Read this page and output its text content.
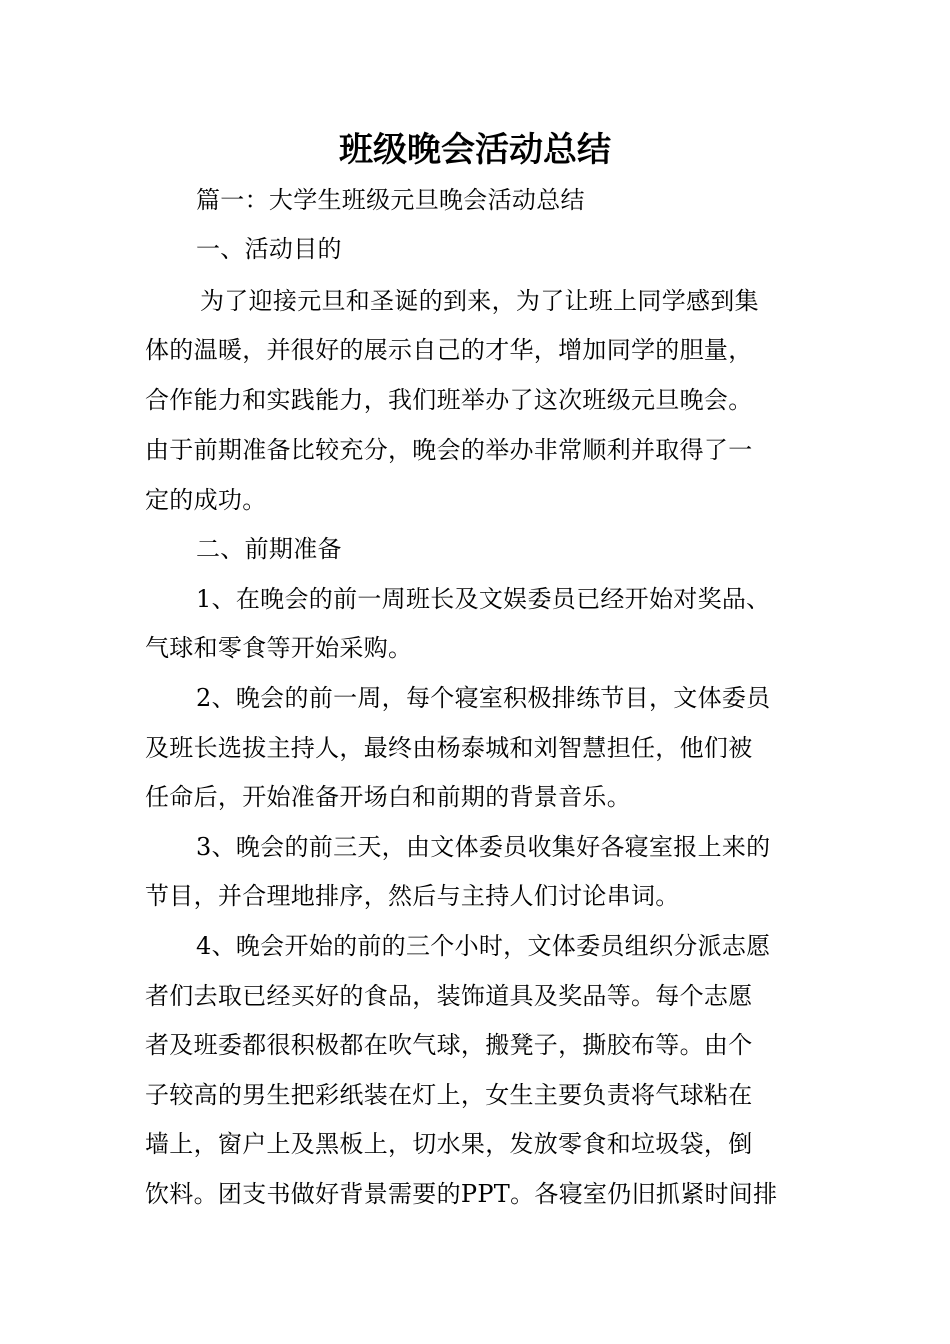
班级晚会活动总结

篇一：大学生班级元旦晚会活动总结

一、活动目的

为了迎接元旦和圣诞的到来，为了让班上同学感到集

体的温暖，并很好的展示自己的才华，增加同学的胆量，

合作能力和实践能力，我们班举办了这次班级元旦晚会。

由于前期准备比较充分，晚会的举办非常顺利并取得了一

定的成功。

二、前期准备

1、在晚会的前一周班长及文娱委员已经开始对奖品、

气球和零食等开始采购。

2、晚会的前一周，每个寝室积极排练节目，文体委员

及班长选拔主持人，最终由杨泰城和刘智慧担任，他们被

任命后，开始准备开场白和前期的背景音乐。

3、晚会的前三天，由文体委员收集好各寝室报上来的

节目，并合理地排序，然后与主持人们讨论串词。

4、晚会开始的前的三个小时，文体委员组织分派志愿

者们去取已经买好的食品，装饰道具及奖品等。每个志愿

者及班委都很积极都在吹气球，搬凳子，撕胶布等。由个

子较高的男生把彩纸装在灯上，女生主要负责将气球粘在

墙上，窗户上及黑板上，切水果，发放零食和垃圾袋，倒

饮料。团支书做好背景需要的PPT。各寝室仍旧抓紧时间排
